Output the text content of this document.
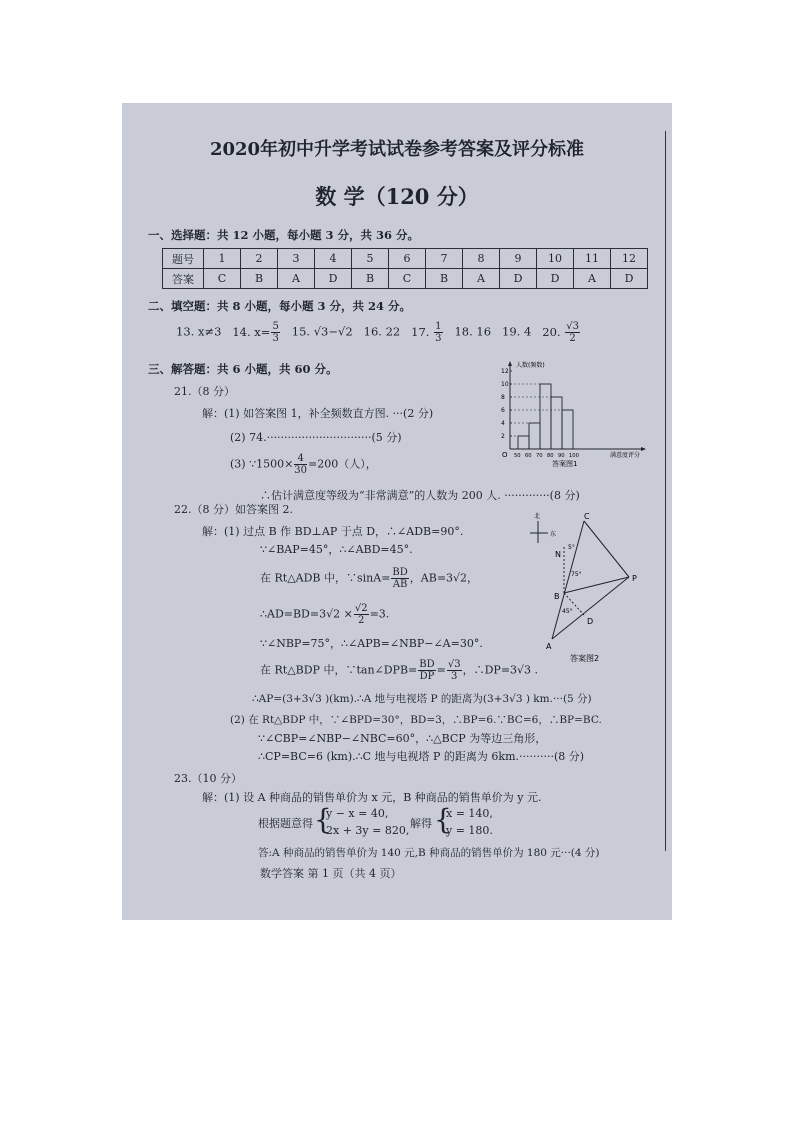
2020年初中升学考试试卷参考答案及评分标准
数 学（120 分）
一、选择题：共 12 小题，每小题 3 分，共 36 分。
题号	1	2	3	4	5	6	7	8	9	10	11	12
答案	C	B	A	D	B	C	B	A	D	D	A	D
二、填空题：共 8 小题，每小题 3 分，共 24 分。
13. x≠3 14. $x= \frac{5}{3} 15$. √3−√2 16. 22 17. $\frac{1}{3} 18$. 16 19. 4 20. $\frac{√3}{2}$
三、解答题：共 6 小题，共 60 分。
21.（8 分）
解：(1) 如答案图 1，补全频数直方图. ···(2 分)
(2) 74.······························(5 分)
(3) ∵1500× $\frac{4}{30} =200$（人），
∴估计满意度等级为“非常满意”的人数为 200 人. ·············(8 分)
人数(频数)
满意度评分
O
答案图1
2
4
6
8
10
12
50 60 70 80 90 100
22.（8 分）如答案图 2.
解：(1) 过点 B 作 BD⊥AP 于点 D，∴∠ADB=90°.
∵∠BAP=45°，∴∠ABD=45°.
在 Rt△ADB 中，∵sinA= $\frac{BD}{AB}$ ，AB=3√2，
∴AD=BD=3√2 × $\frac{√2}{2} =3$.
∵∠NBP=75°，∴∠APB=∠NBP−∠A=30°.
在 Rt△BDP 中，∵tan∠DPB= $\frac{BD}{DP} = \frac{√3}{3}$ ，∴DP=3√3 .
∴AP=(3+3√3 )(km).∴A 地与电视塔 P 的距离为(3+3√3 ) km.···(5 分)
(2) 在 Rt△BDP 中，∵∠BPD=30°，BD=3，∴BP=6.∵BC=6，∴BP=BC.
∵∠CBP=∠NBP−∠NBC=60°，∴△BCP 为等边三角形，
∴CP=BC=6 (km).∴C 地与电视塔 P 的距离为 6km.··········(8 分)
北
东
C
N
P
B
D
A
5°
75°
45°
答案图2
23.（10 分）
解：(1) 设 A 种商品的销售单价为 x 元，B 种商品的销售单价为 y 元.
根据题意得 {
y − x = 40,
2x + 3y = 820,
解得 {
x = 140,
y = 180.
答:A 种商品的销售单价为 140 元,B 种商品的销售单价为 180 元···(4 分)
数学答案 第 1 页（共 4 页）
